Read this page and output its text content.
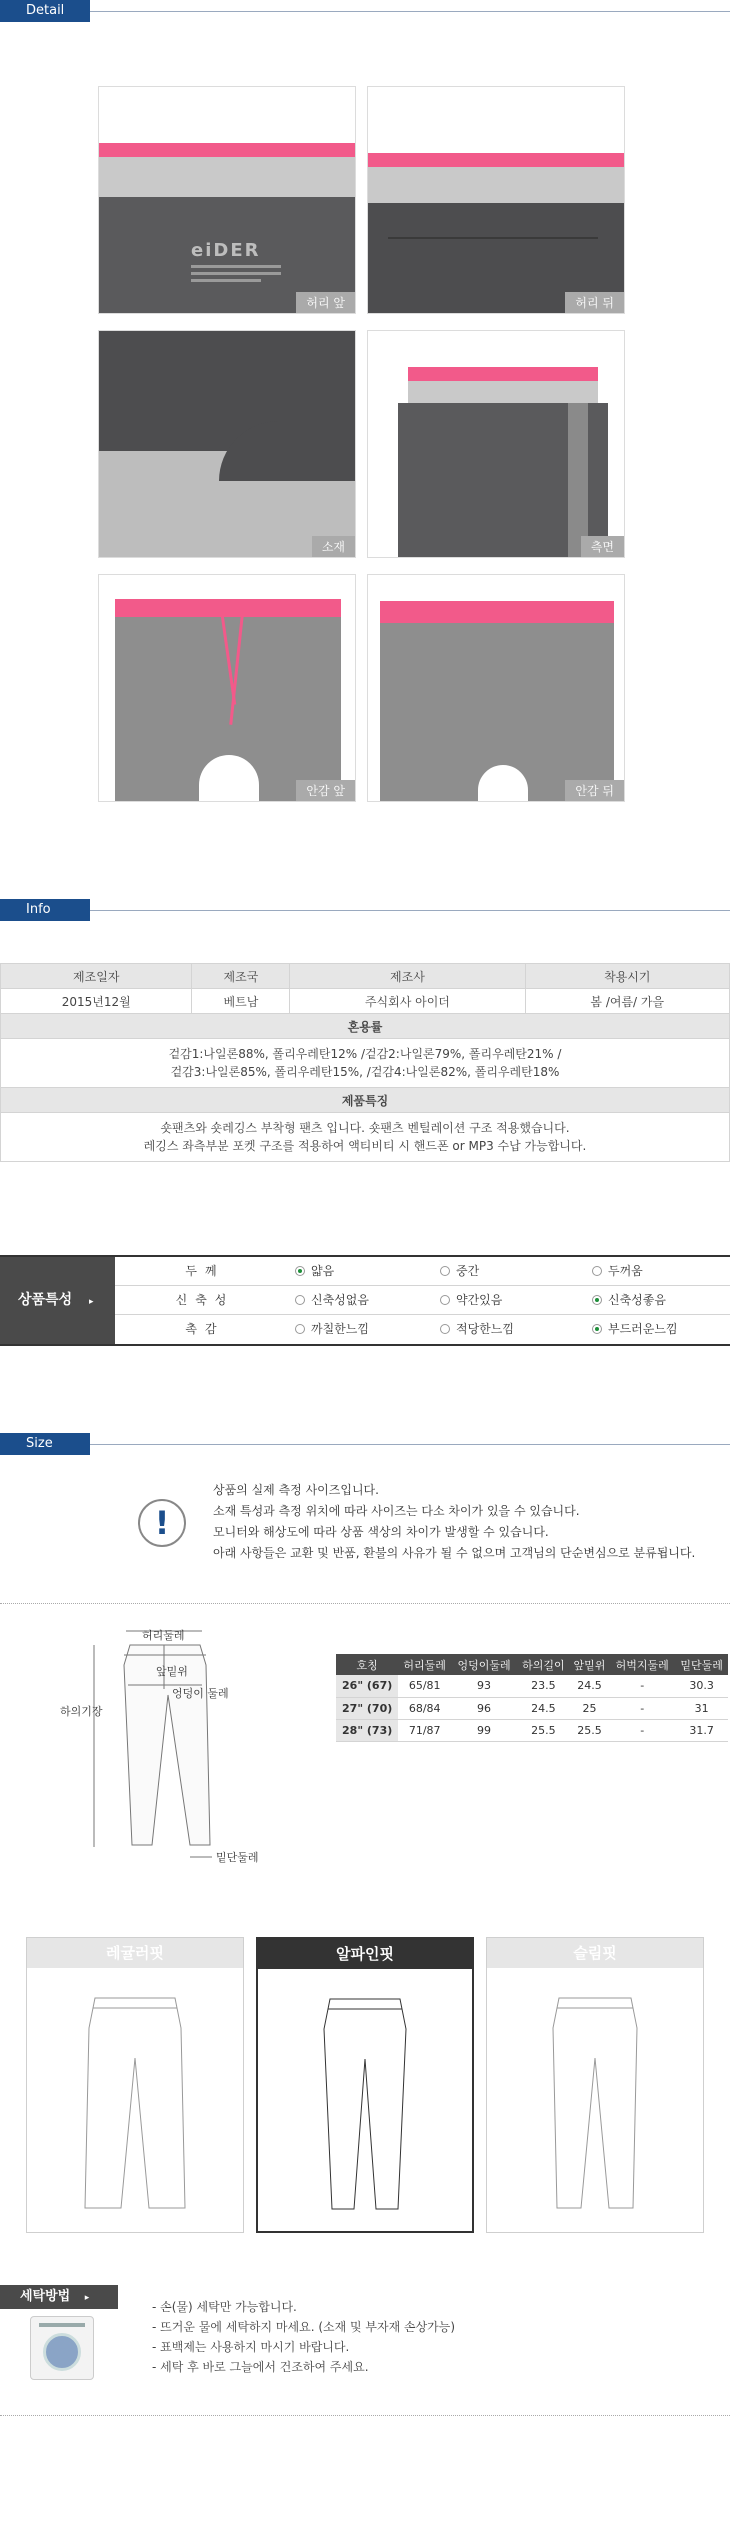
Detail
eiDER
허리 앞	허리 뒤
소재	측면
안감 앞	안감 뒤
Info
제조일자	제조국	제조사	착용시기
2015년12월	베트남	주식회사 아이더	봄 /여름/ 가을
혼용률			

겉감1:나일론88%, 폴리우레탄12% /겉감2:나일론79%, 폴리우레탄21% /
겉감3:나일론85%, 폴리우레탄15%, /겉감4:나일론82%, 폴리우레탄18%			

제품특징			

숏팬츠와 숏레깅스 부착형 팬츠 입니다. 숏팬츠 벤틸레이션 구조 적용했습니다.
레깅스 좌측부분 포켓 구조를 적용하여 액티비티 시 핸드폰 or MP3 수납 가능합니다.			
상품특성 ▸
두께	얇음	중간	두꺼움
신축성	신축성없음	약간있음	신축성좋음
촉감	까칠한느낌	적당한느낌	부드러운느낌
Size
!
상품의 실제 측정 사이즈입니다.
소재 특성과 측정 위치에 따라 사이즈는 다소 차이가 있을 수 있습니다.
모니터와 해상도에 따라 상품 색상의 차이가 발생할 수 있습니다.
아래 사항들은 교환 및 반품, 환불의 사유가 될 수 없으며 고객님의 단순변심으로 분류됩니다.
허리둘레
앞밑위
엉덩이 둘레
하의기장
밑단둘레
호칭	허리둘레	엉덩이둘레	하의길이	앞밑위	허벅지둘레	밑단둘레
26" (67)	65/81	93	23.5	24.5	-	30.3
27" (70)	68/84	96	24.5	25	-	31
28" (73)	71/87	99	25.5	25.5	-	31.7
레귤러핏	알파인핏	슬림핏
세탁방법 ▸
- 손(물) 세탁만 가능합니다.
- 뜨거운 물에 세탁하지 마세요. (소재 및 부자재 손상가능)
- 표백제는 사용하지 마시기 바랍니다.
- 세탁 후 바로 그늘에서 건조하여 주세요.
